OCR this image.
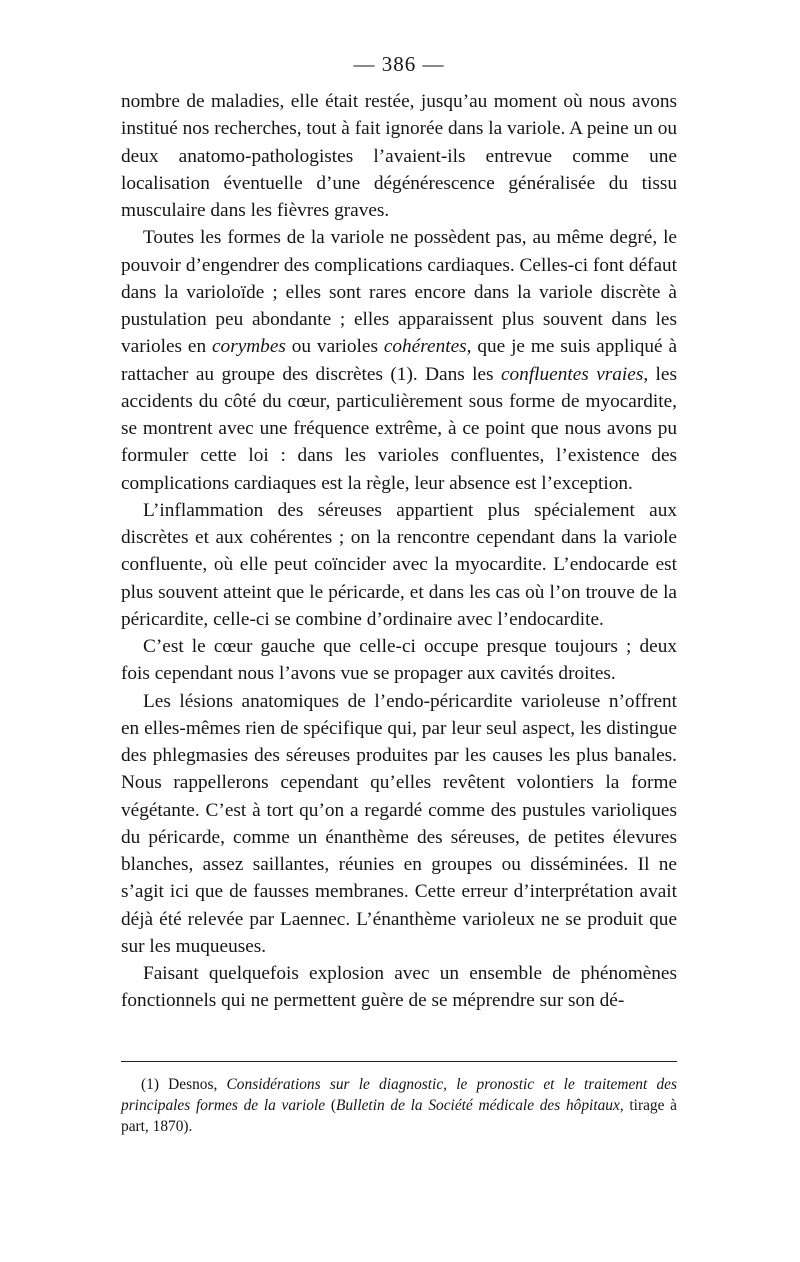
— 386 —

nombre de maladies, elle était restée, jusqu’au moment où nous avons institué nos recherches, tout à fait ignorée dans la variole. A peine un ou deux anatomo-pathologistes l’avaient-ils entrevue comme une localisation éventuelle d’une dégénérescence généralisée du tissu musculaire dans les fièvres graves.

Toutes les formes de la variole ne possèdent pas, au même degré, le pouvoir d’engendrer des complications cardiaques. Celles-ci font défaut dans la varioloïde ; elles sont rares encore dans la variole discrète à pustulation peu abondante ; elles apparaissent plus souvent dans les varioles en corymbes ou varioles cohérentes, que je me suis appliqué à rattacher au groupe des discrètes (1). Dans les confluentes vraies, les accidents du côté du cœur, particulièrement sous forme de myocardite, se montrent avec une fréquence extrême, à ce point que nous avons pu formuler cette loi : dans les varioles confluentes, l’existence des complications cardiaques est la règle, leur absence est l’exception.

L’inflammation des séreuses appartient plus spécialement aux discrètes et aux cohérentes ; on la rencontre cependant dans la variole confluente, où elle peut coïncider avec la myocardite. L’endocarde est plus souvent atteint que le péricarde, et dans les cas où l’on trouve de la péricardite, celle-ci se combine d’ordinaire avec l’endocardite.

C’est le cœur gauche que celle-ci occupe presque toujours ; deux fois cependant nous l’avons vue se propager aux cavités droites.

Les lésions anatomiques de l’endo-péricardite varioleuse n’offrent en elles-mêmes rien de spécifique qui, par leur seul aspect, les distingue des phlegmasies des séreuses produites par les causes les plus banales. Nous rappellerons cependant qu’elles revêtent volontiers la forme végétante. C’est à tort qu’on a regardé comme des pustules varioliques du péricarde, comme un énanthème des séreuses, de petites élevures blanches, assez saillantes, réunies en groupes ou disséminées. Il ne s’agit ici que de fausses membranes. Cette erreur d’interprétation avait déjà été relevée par Laennec. L’énanthème varioleux ne se produit que sur les muqueuses.

Faisant quelquefois explosion avec un ensemble de phénomènes fonctionnels qui ne permettent guère de se méprendre sur son dé-

(1) Desnos, Considérations sur le diagnostic, le pronostic et le traitement des principales formes de la variole (Bulletin de la Société médicale des hôpitaux, tirage à part, 1870).
